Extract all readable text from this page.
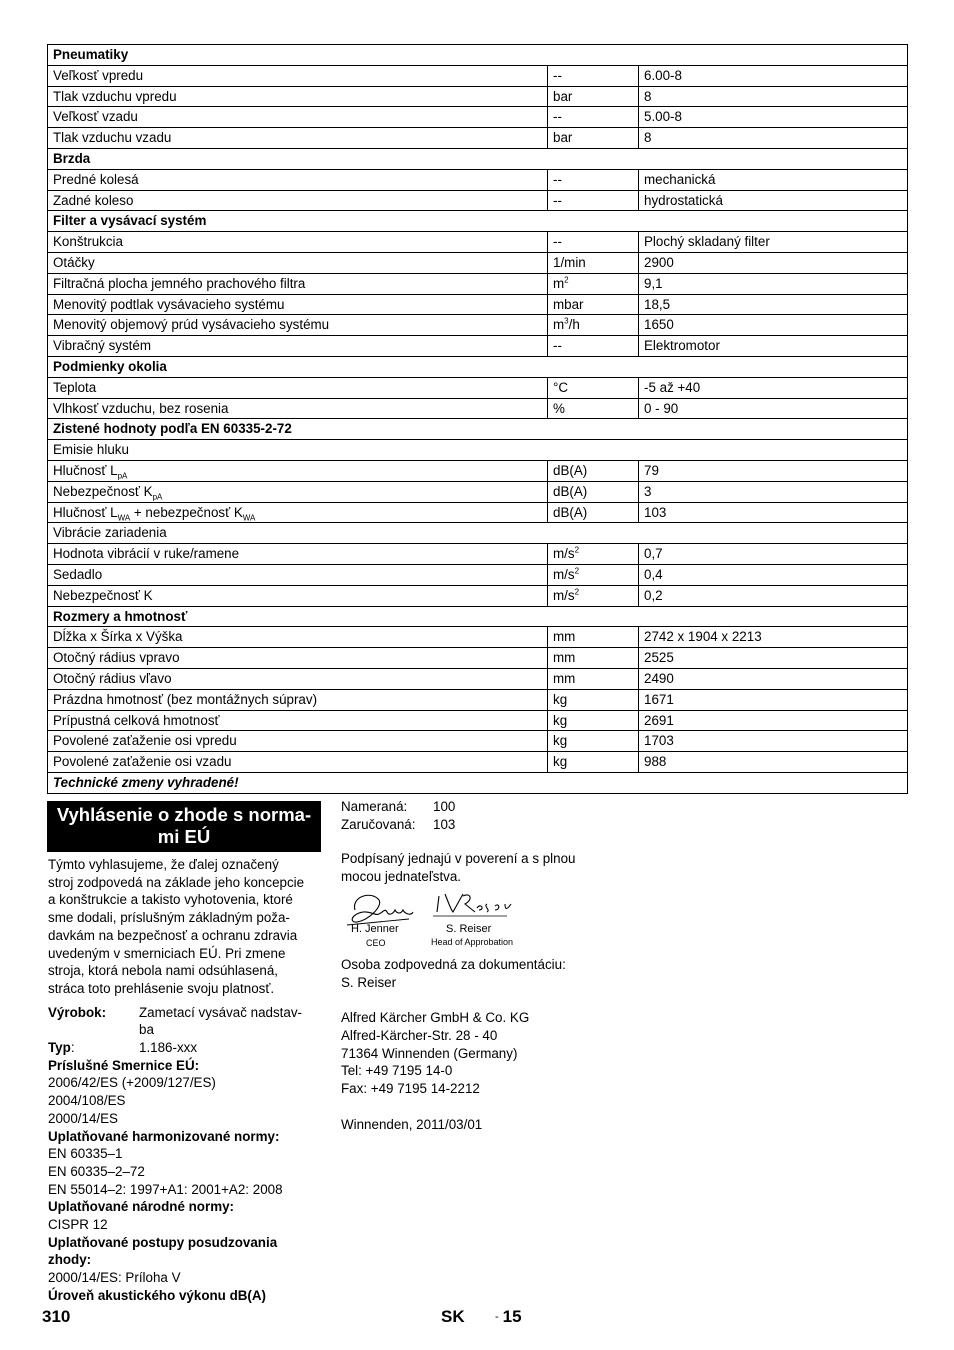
Pneumatiky		
Veľkosť vpredu	--	6.00-8
Tlak vzduchu vpredu	bar	8
Veľkosť vzadu	--	5.00-8
Tlak vzduchu vzadu	bar	8
Brzda		
Predné kolesá	--	mechanická
Zadné koleso	--	hydrostatická
Filter a vysávací systém		
Konštrukcia	--	Plochý skladaný filter
Otáčky	1/min	2900
Filtračná plocha jemného prachového filtra	$m^2$	9,1
Menovitý podtlak vysávacieho systému	mbar	18,5
Menovitý objemový prúd vysávacieho systému	$m^3/h$	1650
Vibračný systém	--	Elektromotor
Podmienky okolia		
Teplota	°C	-5 až +40
Vlhkosť vzduchu, bez rosenia	%	0 - 90
Zistené hodnoty podľa EN 60335-2-72		
Emisie hluku		
Hlučnosť $L_{pA}$	dB(A)	79
Nebezpečnosť $K_{pA}$	dB(A)	3
Hlučnosť $L_{WA}$ + nebezpečnosť $K_{WA}$	dB(A)	103
Vibrácie zariadenia		
Hodnota vibrácií v ruke/ramene	$m/s^2$	0,7
Sedadlo	$m/s^2$	0,4
Nebezpečnosť K	$m/s^2$	0,2
Rozmery a hmotnosť		
Dĺžka x Šírka x Výška	mm	2742 x 1904 x 2213
Otočný rádius vpravo	mm	2525
Otočný rádius vľavo	mm	2490
Prázdna hmotnosť (bez montážnych súprav)	kg	1671
Prípustná celková hmotnosť	kg	2691
Povolené zaťaženie osi vpredu	kg	1703
Povolené zaťaženie osi vzadu	kg	988
Technické zmeny vyhradené!		
Vyhlásenie o zhode s norma-
mi EÚ

Týmto vyhlasujeme, že ďalej označený
stroj zodpovedá na základe jeho koncepcie
a konštrukcie a takisto vyhotovenia, ktoré
sme dodali, príslušným základným poža-
davkám na bezpečnosť a ochranu zdravia
uvedeným v smerniciach EÚ. Pri zmene
stroja, ktorá nebola nami odsúhlasená,
stráca toto prehlásenie svoju platnosť.

Výrobok:	Zametací vysávač nadstav-
ba
Typ:	1.186-xxx

Príslušné Smernice EÚ:

2006/42/ES (+2009/127/ES)

2004/108/ES

2000/14/ES

Uplatňované harmonizované normy:

EN 60335–1

EN 60335–2–72

EN 55014–2: 1997+A1: 2001+A2: 2008

Uplatňované národné normy:

CISPR 12

Uplatňované postupy posudzovania
zhody:

2000/14/ES: Príloha V

Úroveň akustického výkonu dB(A)

Nameraná:	100
Zaručovaná:	103

Podpísaný jednajú v poverení a s plnou
mocou jednateľstva.

H. Jenner
CEO
S. Reiser
Head of Approbation

Osoba zodpovedná za dokumentáciu:
S. Reiser

Alfred Kärcher GmbH & Co. KG
Alfred-Kärcher-Str. 28 - 40
71364 Winnenden (Germany)
Tel: +49 7195 14-0
Fax: +49 7195 14-2212

Winnenden, 2011/03/01

310	SK	- 15
